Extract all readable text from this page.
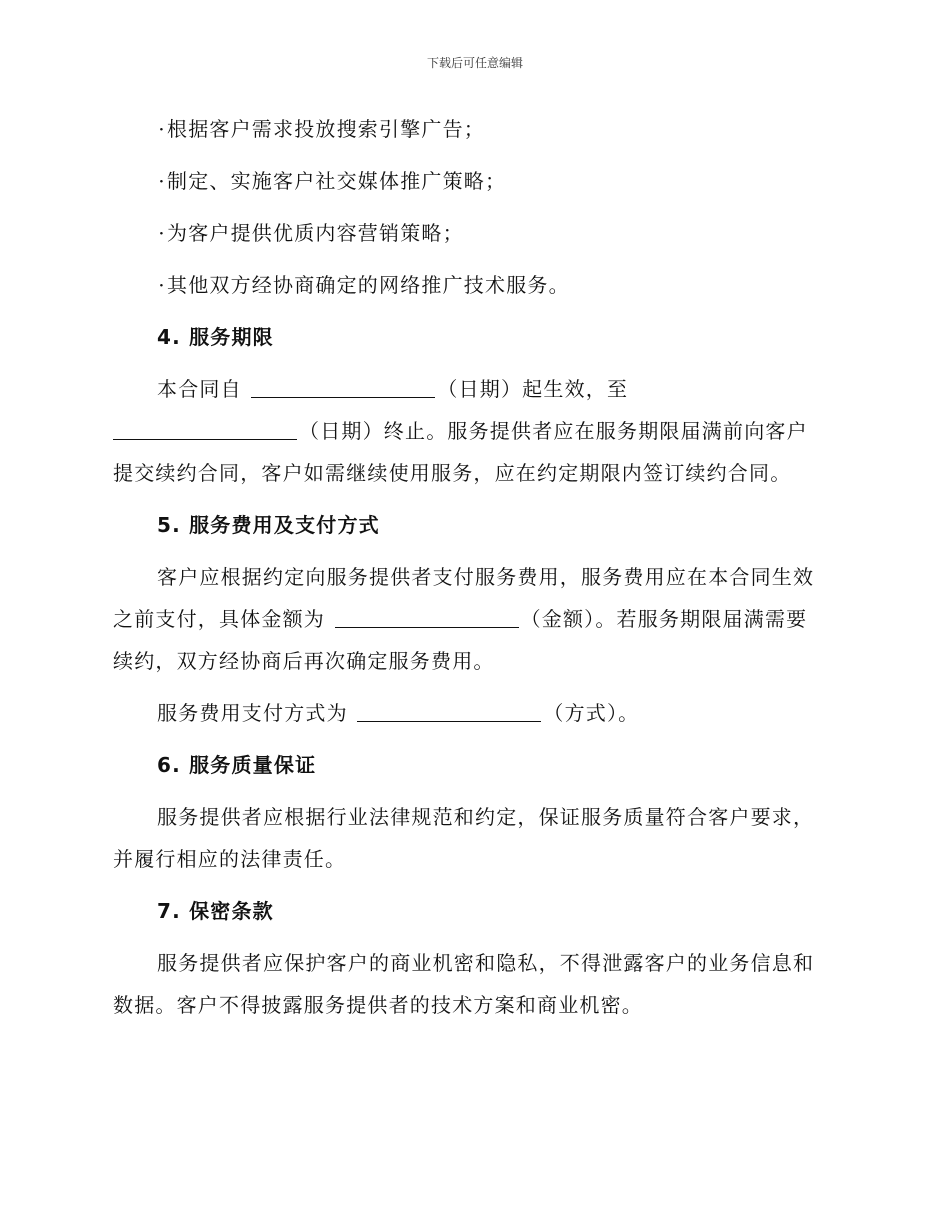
下载后可任意编辑

·根据客户需求投放搜索引擎广告；

·制定、实施客户社交媒体推广策略；

·为客户提供优质内容营销策略；

·其他双方经协商确定的网络推广技术服务。

4. 服务期限

本合同自	（日期）起生效，至
（日期）终止。服务提供者应在服务期限届满前向客户
提交续约合同，客户如需继续使用服务，应在约定期限内签订续约合同。

5. 服务费用及支付方式

客户应根据约定向服务提供者支付服务费用，服务费用应在本合同生效
之前支付，具体金额为	（金额）。若服务期限届满需要
续约，双方经协商后再次确定服务费用。
服务费用支付方式为	（方式）。

6. 服务质量保证

服务提供者应根据行业法律规范和约定，保证服务质量符合客户要求，
并履行相应的法律责任。

7. 保密条款

服务提供者应保护客户的商业机密和隐私，不得泄露客户的业务信息和
数据。客户不得披露服务提供者的技术方案和商业机密。
